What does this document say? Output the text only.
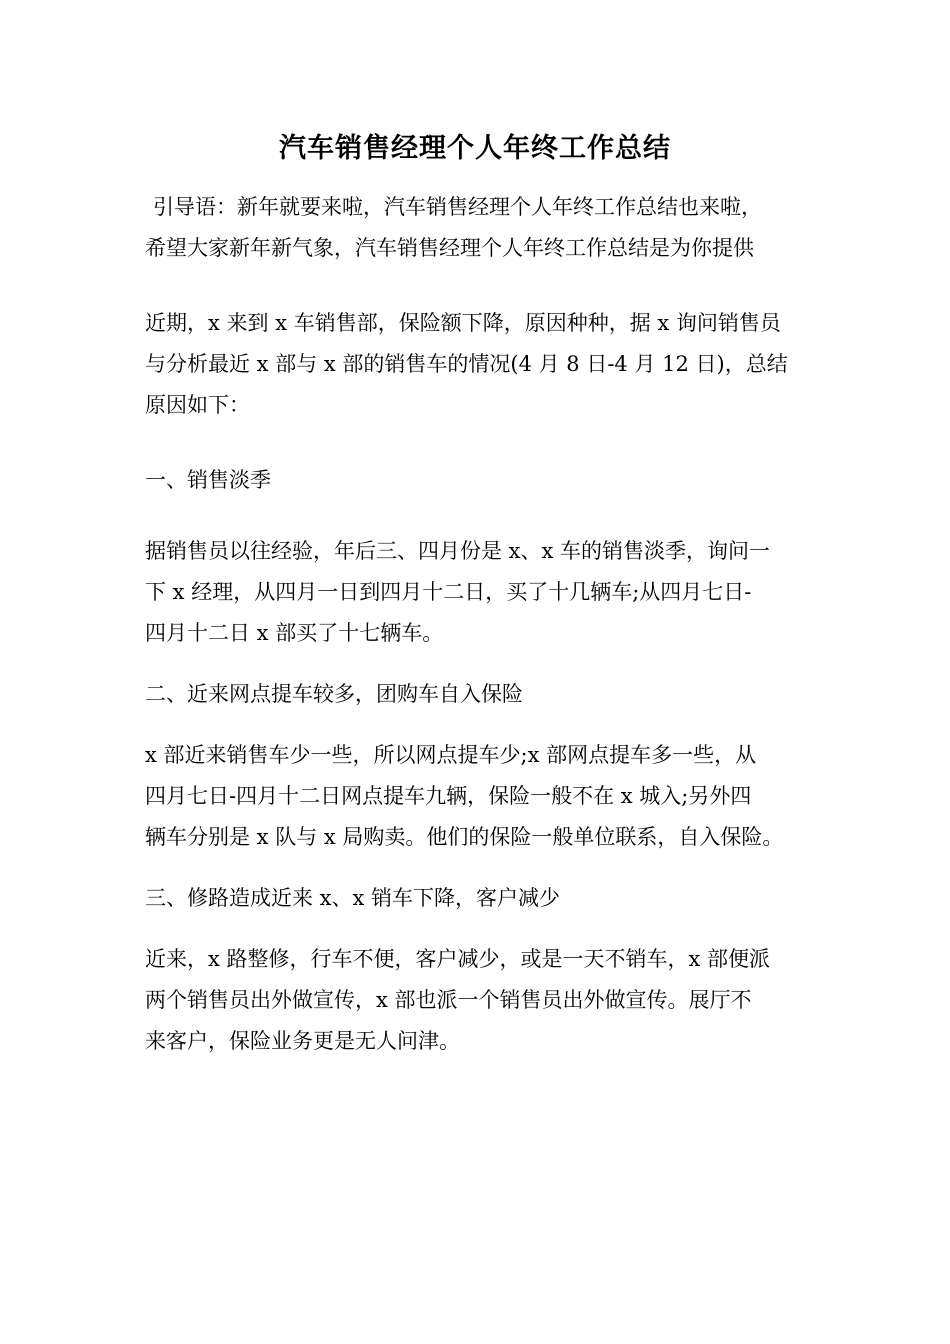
汽车销售经理个人年终工作总结

引导语：新年就要来啦，汽车销售经理个人年终工作总结也来啦，

希望大家新年新气象，汽车销售经理个人年终工作总结是为你提供

近期，x 来到 x 车销售部，保险额下降，原因种种，据 x 询问销售员

与分析最近 x 部与 x 部的销售车的情况(4 月 8 日-4 月 12 日)，总结

原因如下：

一、销售淡季

据销售员以往经验，年后三、四月份是 x、x 车的销售淡季，询问一

下 x 经理，从四月一日到四月十二日，买了十几辆车;从四月七日-

四月十二日 x 部买了十七辆车。

二、近来网点提车较多，团购车自入保险

x 部近来销售车少一些，所以网点提车少;x 部网点提车多一些，从

四月七日-四月十二日网点提车九辆，保险一般不在 x 城入;另外四

辆车分别是 x 队与 x 局购卖。他们的保险一般单位联系，自入保险。

三、修路造成近来 x、x 销车下降，客户减少

近来，x 路整修，行车不便，客户减少，或是一天不销车，x 部便派

两个销售员出外做宣传，x 部也派一个销售员出外做宣传。展厅不

来客户，保险业务更是无人问津。
